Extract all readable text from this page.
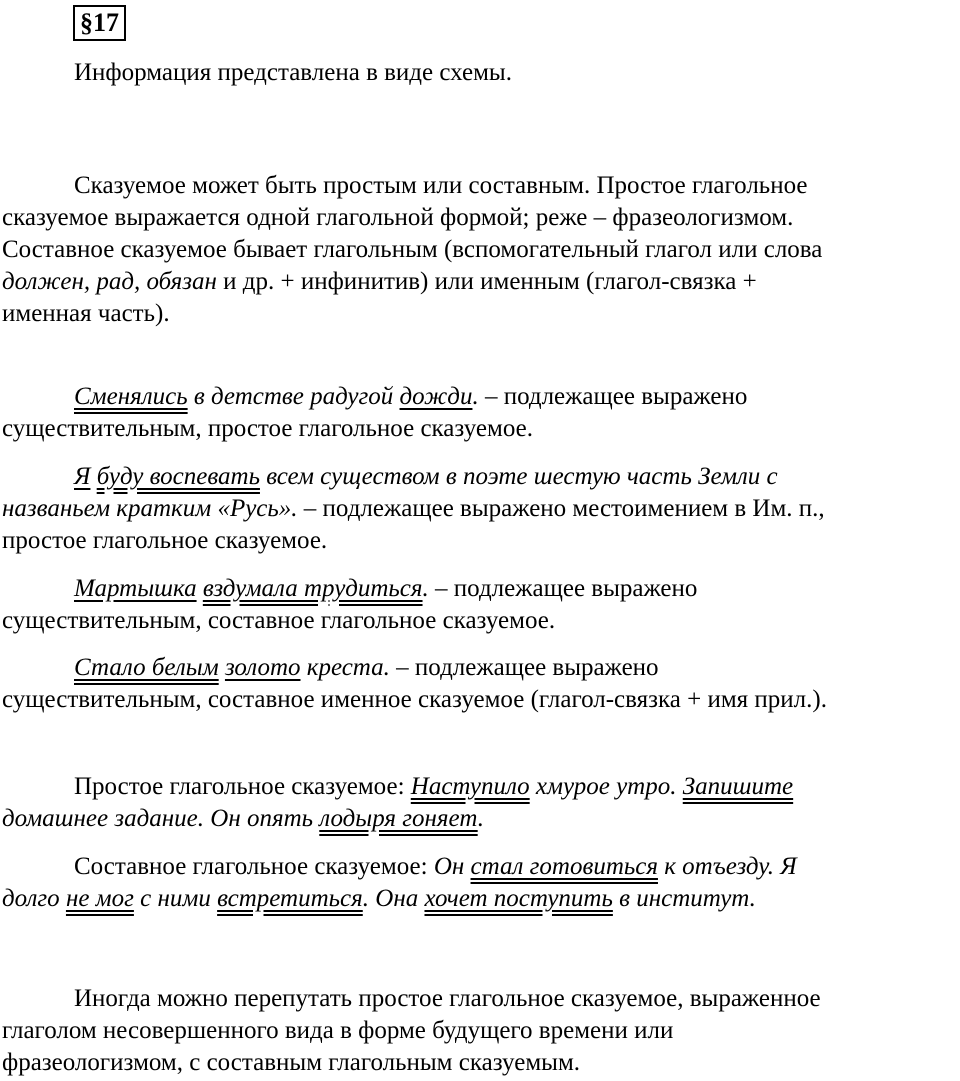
§17
Информация представлена в виде схемы.
Сказуемое может быть простым или составным. Простое глагольное
сказуемое выражается одной глагольной формой; реже – фразеологизмом.
Составное сказуемое бывает глагольным (вспомогательный глагол или слова
должен, рад, обязан и др. + инфинитив) или именным (глагол-связка +
именная часть).
Сменялись в детстве радугой дожди. – подлежащее выражено
существительным, простое глагольное сказуемое.
Я буду воспевать всем существом в поэте шестую часть Земли с
названьем кратким «Русь». – подлежащее выражено местоимением в Им. п.,
простое глагольное сказуемое.
Мартышка вздумала трудиться. – подлежащее выражено
существительным, составное глагольное сказуемое.
Стало белым золото креста. – подлежащее выражено
существительным, составное именное сказуемое (глагол-связка + имя прил.).
Простое глагольное сказуемое: Наступило хмурое утро. Запишите
домашнее задание. Он опять лодыря гоняет.
Составное глагольное сказуемое: Он стал готовиться к отъезду. Я
долго не мог с ними встретиться. Она хочет поступить в институт.
Иногда можно перепутать простое глагольное сказуемое, выраженное
глаголом несовершенного вида в форме будущего времени или
фразеологизмом, с составным глагольным сказуемым.
